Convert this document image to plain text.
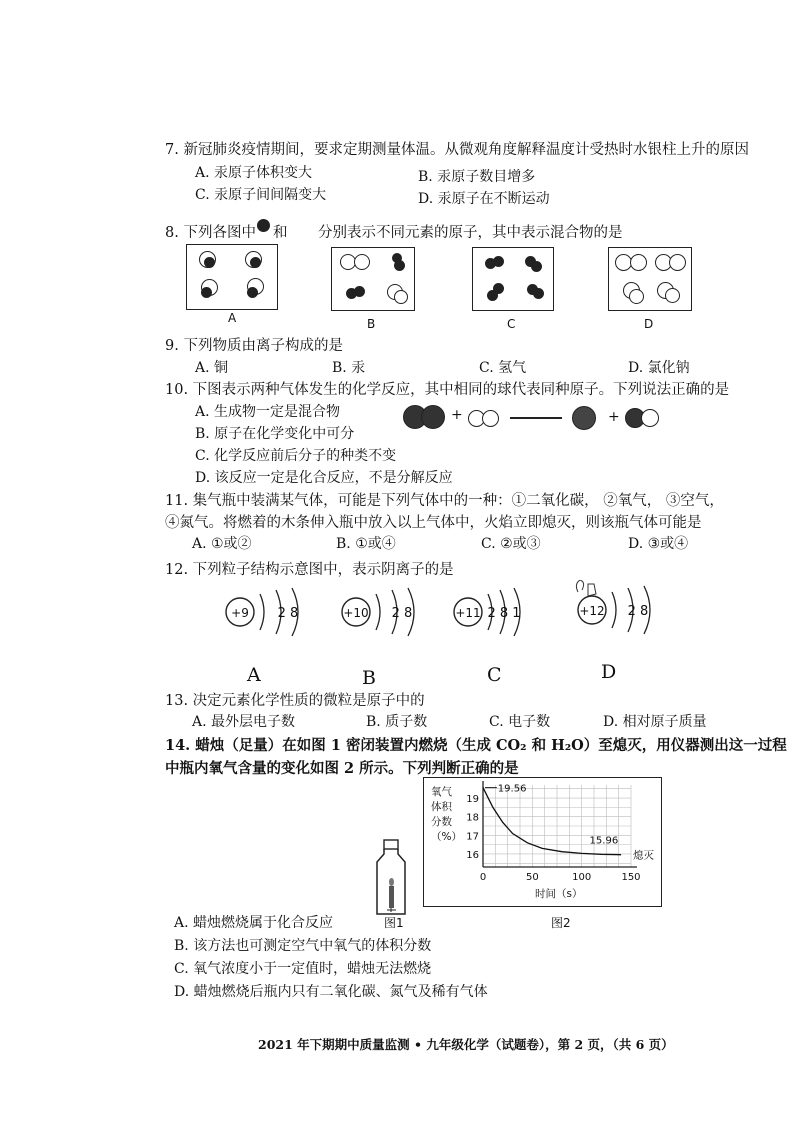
7. 新冠肺炎疫情期间，要求定期测量体温。从微观角度解释温度计受热时水银柱上升的原因
A. 汞原子体积变大	B. 汞原子数目增多
C. 汞原子间间隔变大	D. 汞原子在不断运动
8. 下列各图中 和 分别表示不同元素的原子，其中表示混合物的是
A	B	C	D
9. 下列物质由离子构成的是
A. 铜	B. 汞	C. 氢气	D. 氯化钠
10. 下图表示两种气体发生的化学反应，其中相同的球代表同种原子。下列说法正确的是
A. 生成物一定是混合物
B. 原子在化学变化中可分
C. 化学反应前后分子的种类不变
D. 该反应一定是化合反应，不是分解反应
+	+
11. 集气瓶中装满某气体，可能是下列气体中的一种：①二氧化碳， ②氧气， ③空气，
④氮气。将燃着的木条伸入瓶中放入以上气体中，火焰立即熄灭，则该瓶气体可能是
A. ①或②	B. ①或④	C. ②或③	D. ③或④
12. 下列粒子结构示意图中，表示阴离子的是
+9 2 8	+10 2 8	+11 2 8 1	+12 2 8
A	B	C	D
13. 决定元素化学性质的微粒是原子中的
A. 最外层电子数	B. 质子数	C. 电子数	D. 相对原子质量
14. 蜡烛（足量）在如图 1 密闭装置内燃烧（生成 CO₂ 和 H₂O）至熄灭，用仪器测出这一过程
中瓶内氧气含量的变化如图 2 所示。下列判断正确的是
图1
0	50	100	150
16
17
18
19
氧气
体积
分数
（%）
时间（s）
19.56
15.96
熄灭
图2
A. 蜡烛燃烧属于化合反应
B. 该方法也可测定空气中氧气的体积分数
C. 氧气浓度小于一定值时，蜡烛无法燃烧
D. 蜡烛燃烧后瓶内只有二氧化碳、氮气及稀有气体
2021 年下期期中质量监测 • 九年级化学（试题卷），第 2 页，（共 6 页）
